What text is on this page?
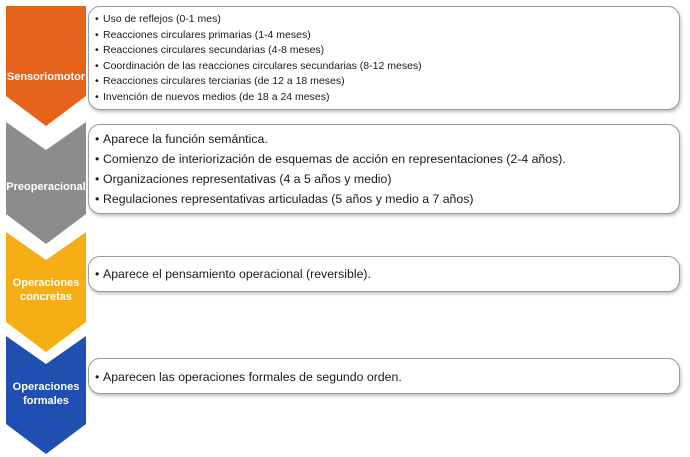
Sensoriomotor
• Uso de reflejos (0-1 mes)
• Reacciones circulares primarias (1-4 meses)
• Reacciones circulares secundarias (4-8 meses)
• Coordinación de las reacciones circulares secundarias (8-12 meses)
• Reacciones circulares terciarias (de 12 a 18 meses)
• Invención de nuevos medios (de 18 a 24 meses)
Preoperacional
• Aparece la función semántica.
• Comienzo de interiorización de esquemas de acción en representaciones (2-4 años).
• Organizaciones representativas (4 a 5 años y medio)
• Regulaciones representativas articuladas (5 años y medio a 7 años)
Operaciones
concretas
• Aparece el pensamiento operacional (reversible).
Operaciones
formales
• Aparecen las operaciones formales de segundo orden.
